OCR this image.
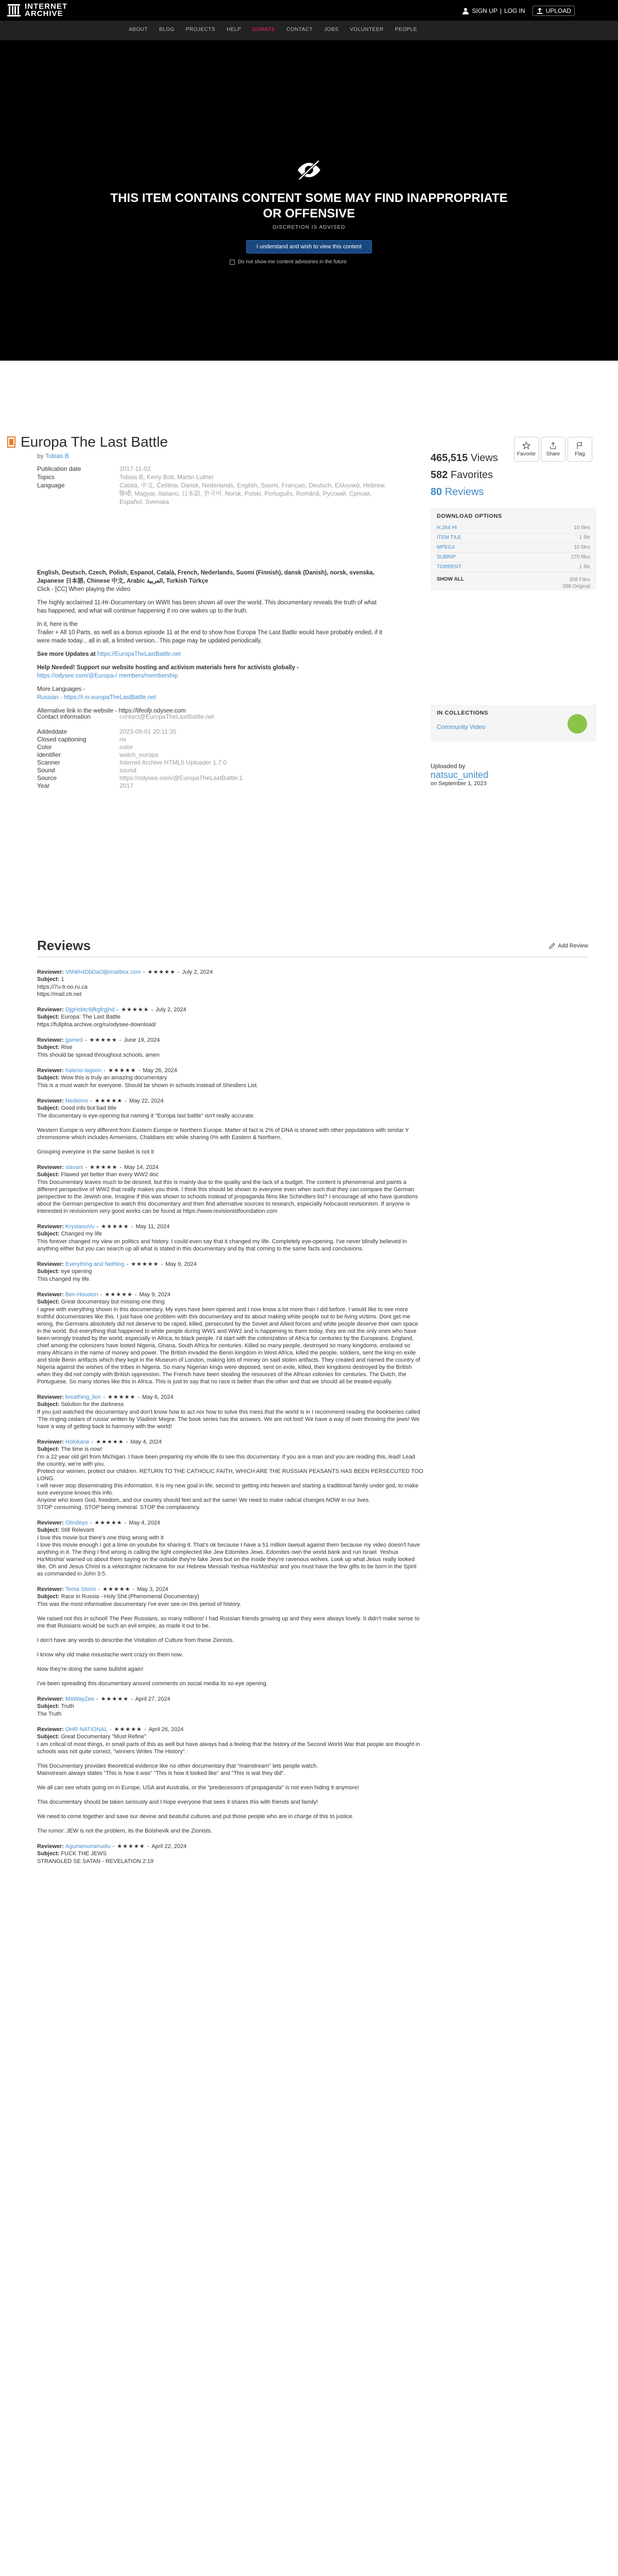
INTERNET
ARCHIVE	SIGN UP | LOG IN	UPLOAD
ABOUT BLOG PROJECTS HELP DONATE CONTACT JOBS VOLUNTEER PEOPLE
THIS ITEM CONTAINS CONTENT SOME MAY FIND INAPPROPRIATE OR OFFENSIVE
DISCRETION IS ADVISED
I understand and wish to view this content
Do not show me content advisories in the future
Europa The Last Battle
by Tobias B	Favorite Share	Flag
Publication date	2017-11-02
Topics	Tobias B, Kerry Bolt, Martin Luther
Language	Català, 中文, Čeština, Dansk, Nederlands, English, Suomi, Français, Deutsch, Ελληνικά, Hebrew, हिन्दी, Magyar, Italiano, 日本語, 한국어, Norsk, Polski, Português, Română, Русский, Српски, Español, Svenska

English, Deutsch, Czech, Polish, Espanol, Català, French, Nederlands, Suomi (Finnish), dansk (Danish), norsk, svenska, Japanese 日本語, Chinese 中文, Arabic العربية, Turkish Türkçe
Click - [CC] When playing the video

The highly acclaimed 11-Hr-Documentary on WWII has been shown all over the world. This documentary reveals the truth of what has happened, and what will continue happening if no one wakes up to the truth.

In it, here is the
Trailer + All 10 Parts, as well as a bonus episode 11 at the end to show how Europa The Last Battle would have probably ended, if it were made today... all in all, a limited version.. This page may be updated periodically.

See more Updates at https://EuropaTheLastBattle.net

Help Needed! Support our website hosting and activism materials here for activists globally -
https://odysee.com/@Europa-/ members/membership

More Languages -
Russian - https://r.io.europaTheLastBattle.net

Alternative link in the website - https://lifeofjr.odysee.com

Contact information	contact@EuropaTheLastBattle.net
Addeddate	2023-09-01 20:11:35
Closed captioning	no
Color	color
Identifier	watch_europa
Scanner	Internet Archive HTML5 Uploader 1.7.0
Sound	sound
Source	https://odysee.com/@EuropaTheLastBattle:1
Year	2017
465,515 Views
582 Favorites
80 Reviews
DOWNLOAD OPTIONS
H.264 HI	10 files
ITEM TILE	1 file
MPEG4	10 files
SUBRIP	270 files
TORRENT	1 file
SHOW ALL	308 Files
288 Original
IN COLLECTIONS
Community Video
Uploaded by
natsuc_united
on September 1, 2023
Reviews	Add Review
Reviewer: Vbhkh4DbDaOljbmailbox.com - ★★★★★ - July 2, 2024
Subject: 1
https://7u-tr.oo.ru.ca
https://mail.ctr.net
Reviewer: DjgHsbtc9jfkgfrgjhd - ★★★★★ - July 2, 2024
Subject: Europa: The Last Battle
https://fullpfoa.archive.org/ru/odysee-download/
Reviewer: gamed - ★★★★★ - June 19, 2024
Subject: Rise
This should be spread throughout schools, amen
Reviewer: hateno-lagoon - ★★★★★ - May 26, 2024
Subject: Wow this is truly an amazing documentary
This is a must watch for everyone. Should be shown in schools instead of Shindlers List.
Reviewer: Nedeimo - ★★★★★ - May 22, 2024
Subject: Good info but bad title
The documentary is eye-opening but naming it "Europa last battle" isn't really accurate.

Western Europe is very different from Eastern Europe or Northern Europe. Matter of fact is 2% of DNA is shared with other populations with similar Y chromosome which includes Armenians, Chaldians etc while sharing 0% with Eastern & Northern.

Grouping everyone in the same basket is not it
Reviewer: slavani - ★★★★★ - May 14, 2024
Subject: Flawed yet better than every WW2 doc
This Documentary leaves much to be desired, but this is mainly due to the quality and the lack of a budget. The content is phenomenal and paints a different perspective of WW2 that really makes you think. I think this should be shown to everyone even when such that they can compare the German perspective to the Jewish one. Imagine if this was shown to schools instead of propaganda films like Schindlers list? I encourage all who have questions about the German perspective to watch this documentary and then find alternative sources to research, especially holocaust revisionism. If anyone is interested in revisionism very good works can be found at https://www.revisionistfoundation.com
Reviewer: KrystanuVu - ★★★★★ - May 11, 2024
Subject: Changed my life
This forever changed my view on politics and history. I could even say that it changed my life. Completely eye-opening. I've never blindly believed in anything either but you can search up all what is stated in this documentary and by that coming to the same facts and conclusions.
Reviewer: Everything and Nothing - ★★★★★ - May 9, 2024
Subject: eye opening
This changed my life.
Reviewer: Ben Houston - ★★★★★ - May 9, 2024
Subject: Great documentary but missing one thing
I agree with everything shown in this documentary. My eyes have been opened and I now know a lot more than I did before. I would like to see more truthful documentaries like this. I just have one problem with this documentary and its about making white people out to be living victims. Dont get me wrong, the Germans absolutely did not deserve to be raped, killed, persecuted by the Soviet and Allied forces and white people deserve their own space in the world. But everything that happened to white people during WW1 and WW2 and is happening to them today, they are not the only ones who have been wrongly treated by the world, especially in Africa, to black people. I'd start with the colonization of Africa for centuries by the Europeans. England, chief among the colonizers have looted Nigeria, Ghana, South Africa for centuries. Killed so many people, destroyed so many kingdoms, enslaved so many Africans in the name of money and power. The British invaded the Benin kingdom in West Africa, killed the people, soldiers, sent the king en exile and stole Benin artifacts which they kept in the Museum of London, making lots of money on said stolen artifacts. They created and named the country of Nigeria against the wishes of the tribes in Nigeria. So many Nigerian kings were deposed, sent on exile, killed, their kingdoms destroyed by the British when they did not comply with British oppression. The French have been stealing the resources of the African colonies for centuries. The Dutch, the Portuguese. So many stories like this in Africa. This is just to say that no race is better than the other and that we should all be treated equally.
Reviewer: breathing_lion - ★★★★★ - May 6, 2024
Subject: Solution for the darkness
If you just watched the documentary and don't know how to act nor how to solve this mess that the world is in I recommend reading the bookseries called 'The ringing cedars of russia' written by Vladimir Megre. The book series has the answers. We are not lost! We have a way of over throwing the jews! We have a way of getting back to harmony with the world!
Reviewer: Holokane - ★★★★★ - May 4, 2024
Subject: The time is now!
I'm a 22 year old girl from Michigan. I have been preparing my whole life to see this documentary. If you are a man and you are reading this, lead! Lead the country, we're with you.
Protect our women, protect our children. RETURN TO THE CATHOLIC FAITH, WHICH ARE THE RUSSIAN PEASANTS HAS BEEN PERSECUTED TOO LONG.
I will never stop disseminating this information. It is my new goal in life, second to getting into heaven and starting a traditional family under god, to make sure everyone knows this info.
Anyone who loves God, freedom, and our country should feel and act the same! We need to make radical changes NOW in our lives.
STOP consuming. STOP being immoral. STOP the complacency.
Reviewer: Olindeyo - ★★★★★ - May 4, 2024
Subject: Still Relevant
I love this movie but there's one thing wrong with it
I love this movie enough I got a time on youtube for sharing it. That's ok because I have a 51 million lawsuit against them because my video doesn't have anything in it. The thing I find wrong is calling the light complected like Jew Edomites Jews. Edomites own the world bank and run Israel. Yeshua Ha'Moshia' warned us about them saying on the outside they're fake Jews but on the inside they're ravenous wolves. Look up what Jesus really looked like. Oh and Jesus Christ is a velociraptor nickname for our Hebrew Messiah Yeshua Ha'Moshia' and you must have the few gifts to be born in the Spirit as commanded in John 3:5.
Reviewer: Tema Storm - ★★★★★ - May 3, 2024
Subject: Race in Russia - Holy Shit (Phenomenal Documentary)
This was the most informative documentary I've ever see on this period of history.

We raised not this in school! The Peer Russians, so many millions! I had Russian friends growing up and they were always lovely. It didn't make sense to me that Russians would be such an evil empire, as made it out to be.

I don't have any words to describe the Visitation of Culture from these Zionists.

I know why old make moustache went crazy on them now.

Now they're doing the same bullshit again!

I've been spreading this documentary around comments on social media its so eye opening.
Reviewer: MaWayZee - ★★★★★ - April 27, 2024
Subject: Truth
The Truth
Reviewer: OHR NATIONAL - ★★★★★ - April 26, 2024
Subject: Great Documentary "Must Refine"
I am critical of most things, in small parts of this as well but have always had a feeling that the history of the Second World War that people are thought in schools was not quite correct, "winners Writes The History".

This Documentary provides theoretical evidence like no other documentary that "mainstream" lets people watch.
Mainstream always states "This is how it was" "This is how it looked like" and "This is wat they did".

We all can see whats going on in Europe, USA and Australia, or the "predecessors of propaganda" is not even hiding it anymore!

This documentary should be taken seriously and I hope everyone that sees it shares this with friends and family!

We need to come together and save our devine and beatuful cultures and put those people who are in charge of this to justice.

The rumor: JEW is not the problem, its the Bolshevik and the Zionists.
Reviewer: Agumenumeruotu - ★★★★★ - April 22, 2024
Subject: FUCK THE JEWS
STRANGLED SE SATAN - REVELATION 2:19
